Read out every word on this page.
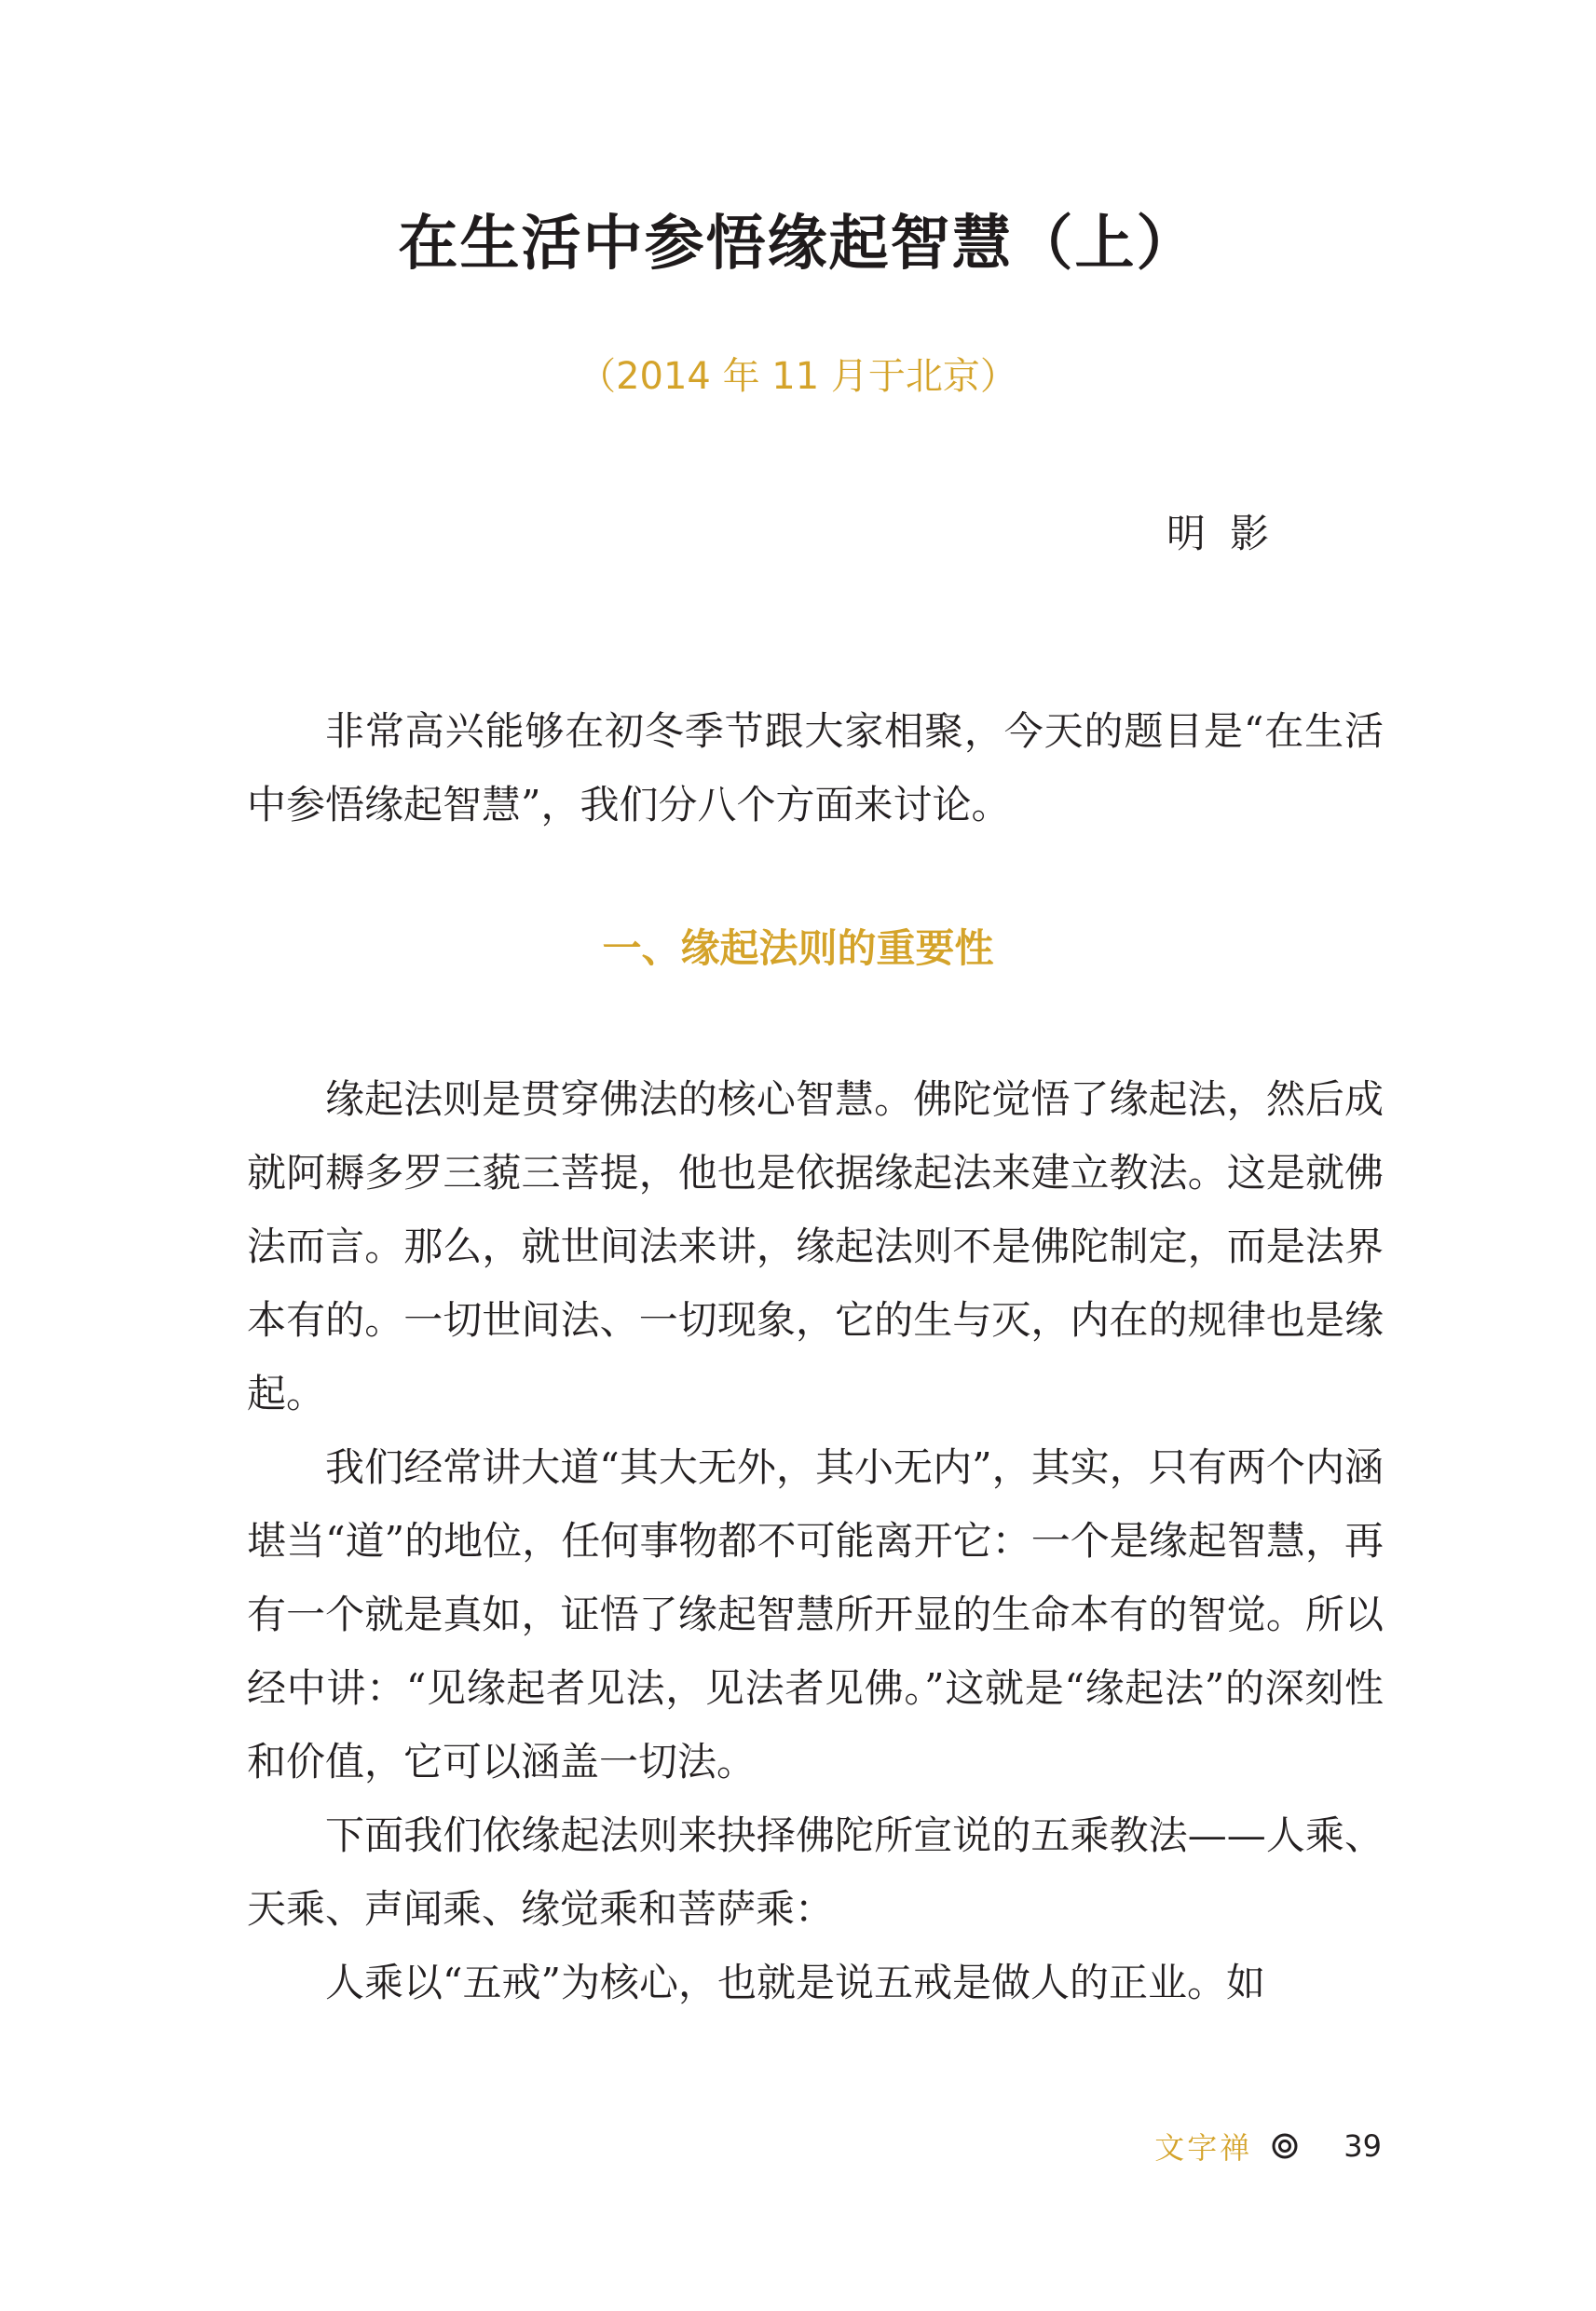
在生活中参悟缘起智慧（上）
（2014 年 11 月于北京）
明影

非常高兴能够在初冬季节跟大家相聚，今天的题目是“在生活中参悟缘起智慧”，我们分八个方面来讨论。

一、缘起法则的重要性

缘起法则是贯穿佛法的核心智慧。佛陀觉悟了缘起法，然后成就阿耨多罗三藐三菩提，他也是依据缘起法来建立教法。这是就佛法而言。那么，就世间法来讲，缘起法则不是佛陀制定，而是法界本有的。一切世间法、一切现象，它的生与灭，内在的规律也是缘起。

我们经常讲大道“其大无外，其小无内”，其实，只有两个内涵堪当“道”的地位，任何事物都不可能离开它：一个是缘起智慧，再有一个就是真如，证悟了缘起智慧所开显的生命本有的智觉。所以经中讲：“见缘起者见法，见法者见佛。”这就是“缘起法”的深刻性和价值，它可以涵盖一切法。

下面我们依缘起法则来抉择佛陀所宣说的五乘教法——人乘、天乘、声闻乘、缘觉乘和菩萨乘：

人乘以“五戒”为核心，也就是说五戒是做人的正业。如

文字禅	39
